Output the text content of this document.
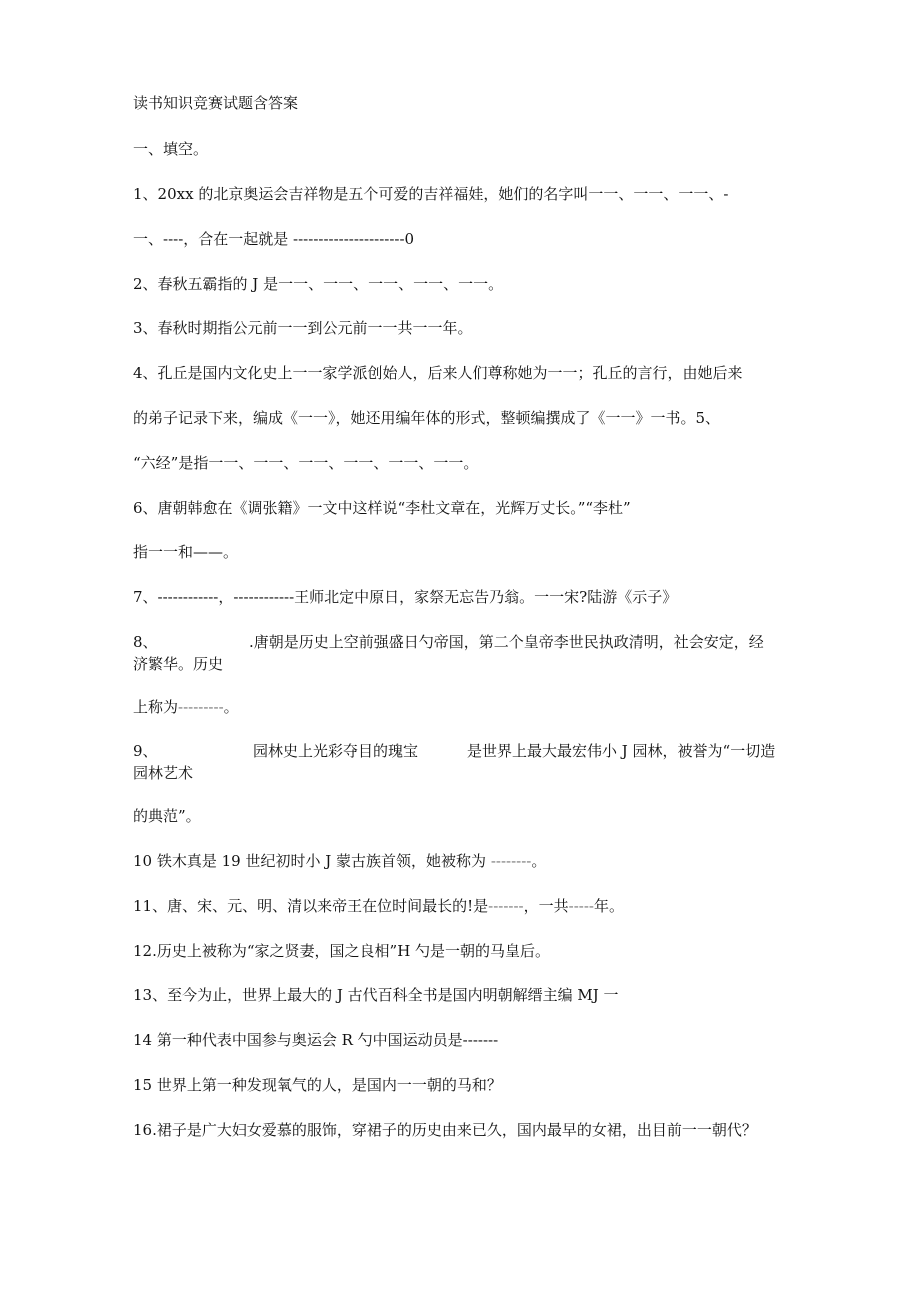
读书知识竞赛试题含答案
一、填空。
1、20xx 的北京奥运会吉祥物是五个可爱的吉祥福娃，她们的名字叫一一、一一、一一、-
一、----，合在一起就是 ----------------------0
2、春秋五霸指的 J 是一一、一一、一一、一一、一一。
3、春秋时期指公元前一一到公元前一一共一一年。
4、孔丘是国内文化史上一一家学派创始人，后来人们尊称她为一一；孔丘的言行，由她后来
的弟子记录下来，编成《一一》，她还用编年体的形式，整顿编撰成了《一一》一书。5、
“六经”是指一一、一一、一一、一一、一一、一一。
6、唐朝韩愈在《调张籍》一文中这样说“李杜文章在，光辉万丈长。”“李杜”
指一一和——。
7、------------，------------王师北定中原日，家祭无忘告乃翁。一一宋?陆游《示子》
8、	.唐朝是历史上空前强盛日勺帝国，第二个皇帝李世民执政清明，社会安定，经
济繁华。历史
上称为---------。
9、	园林史上光彩夺目的瑰宝	是世界上最大最宏伟小 J 园林，被誉为“一切造
园林艺术
的典范”。
10 铁木真是 19 世纪初时小 J 蒙古族首领，她被称为 --------。
11、唐、宋、元、明、清以来帝王在位时间最长的!是-------，一共-----年。
12.历史上被称为“家之贤妻，国之良相”H 勺是一朝的马皇后。
13、至今为止，世界上最大的 J 古代百科全书是国内明朝解缙主编 MJ 一
14 第一种代表中国参与奥运会 R 勺中国运动员是-------
15 世界上第一种发现氧气的人，是国内一一朝的马和？
16.裙子是广大妇女爱慕的服饰，穿裙子的历史由来已久，国内最早的女裙，出目前一一朝代？
